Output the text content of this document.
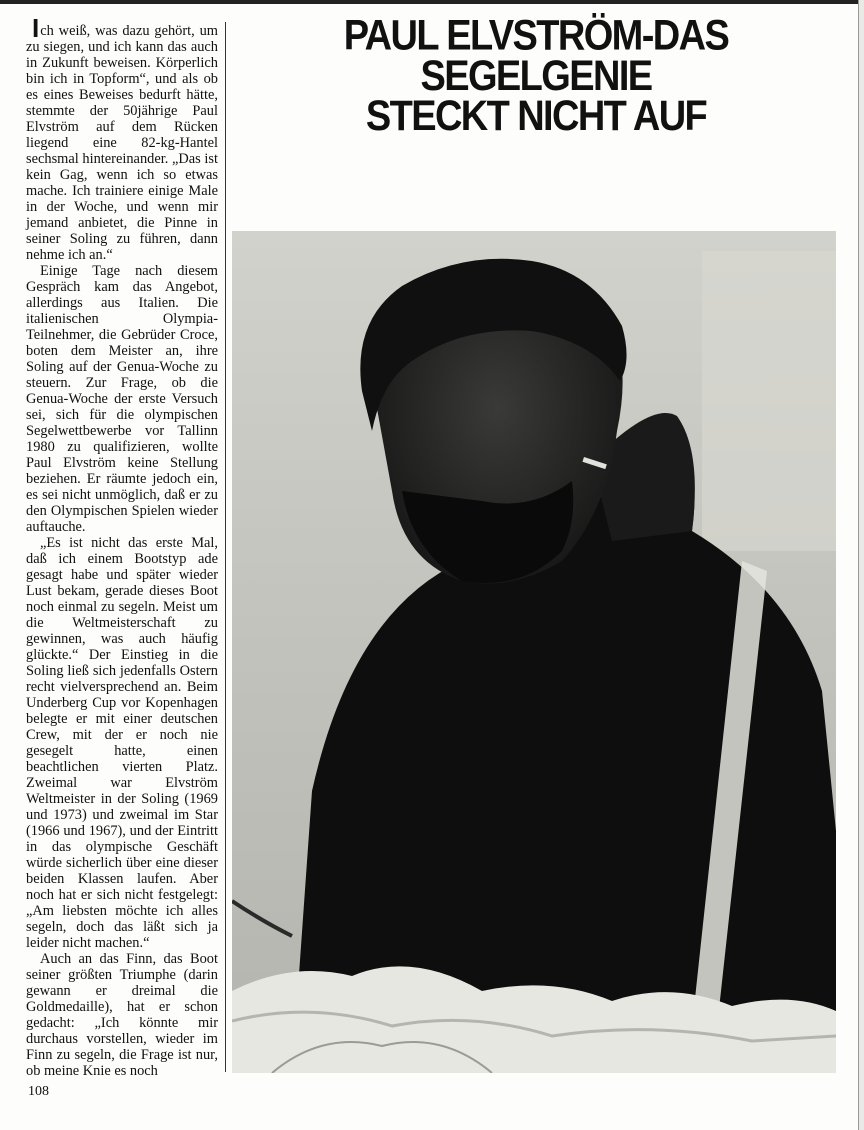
Ich weiß, was dazu gehört, um zu siegen, und ich kann das auch in Zukunft beweisen. Körperlich bin ich in Topform“, und als ob es eines Beweises bedurft hätte, stemmte der 50jährige Paul Elvström auf dem Rücken liegend eine 82-kg-Hantel sechsmal hintereinander. „Das ist kein Gag, wenn ich so etwas mache. Ich trainiere einige Male in der Woche, und wenn mir jemand anbietet, die Pinne in seiner Soling zu führen, dann nehme ich an.“

Einige Tage nach diesem Gespräch kam das Angebot, allerdings aus Italien. Die italienischen Olympia-Teilnehmer, die Gebrüder Croce, boten dem Meister an, ihre Soling auf der Genua-Woche zu steuern. Zur Frage, ob die Genua-Woche der erste Versuch sei, sich für die olympischen Segelwettbewerbe vor Tallinn 1980 zu qualifizieren, wollte Paul Elvström keine Stellung beziehen. Er räumte jedoch ein, es sei nicht unmöglich, daß er zu den Olympischen Spielen wieder auftauche.

„Es ist nicht das erste Mal, daß ich einem Bootstyp ade gesagt habe und später wieder Lust bekam, gerade dieses Boot noch einmal zu segeln. Meist um die Weltmeisterschaft zu gewinnen, was auch häufig glückte.“ Der Einstieg in die Soling ließ sich jedenfalls Ostern recht vielversprechend an. Beim Underberg Cup vor Kopenhagen belegte er mit einer deutschen Crew, mit der er noch nie gesegelt hatte, einen beachtlichen vierten Platz. Zweimal war Elvström Weltmeister in der Soling (1969 und 1973) und zweimal im Star (1966 und 1967), und der Eintritt in das olympische Geschäft würde sicherlich über eine dieser beiden Klassen laufen. Aber noch hat er sich nicht festgelegt: „Am liebsten möchte ich alles segeln, doch das läßt sich ja leider nicht machen.“

Auch an das Finn, das Boot seiner größten Triumphe (darin gewann er dreimal die Goldmedaille), hat er schon gedacht: „Ich könnte mir durchaus vorstellen, wieder im Finn zu segeln, die Frage ist nur, ob meine Knie es noch

PAUL ELVSTRÖM-DAS SEGELGENIE
STECKT NICHT AUF
108
